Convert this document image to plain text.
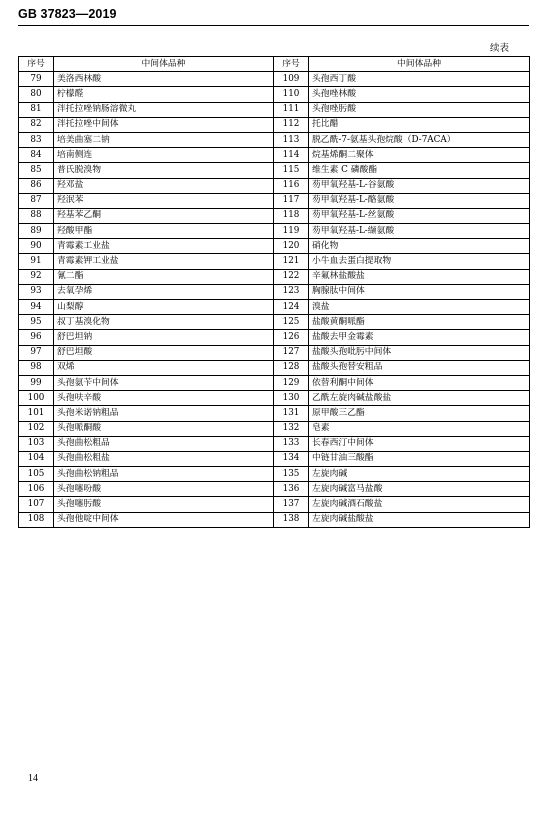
GB 37823—2019
续表
序号	中间体品种	序号	中间体品种
79	美洛西林酸	109	头孢西丁酸
80	柠檬醛	110	头孢唑林酸
81	泮托拉唑钠肠溶微丸	111	头孢唑肟酸
82	泮托拉唑中间体	112	托比醋
83	培美曲塞二钠	113	脱乙酰-7-氨基头孢烷酸（D-7ACA）
84	培南侧连	114	烷基烯酮二聚体
85	普氏脱溴物	115	维生素 C 磷酸酯
86	羟邓盐	116	芴甲氧羟基-L-谷氨酸
87	羟泯苯	117	芴甲氧羟基-L-酪氨酸
88	羟基苯乙酮	118	芴甲氧羟基-L-丝氨酸
89	羟酸甲酯	119	芴甲氧羟基-L-缬氨酸
90	青霉素工业盐	120	硝化物
91	青霉素钾工业盐	121	小牛血去蛋白提取物
92	氰二酯	122	辛氟林盐酸盐
93	去氧孕烯	123	胸腺肽中间体
94	山梨醇	124	溴盐
95	叔丁基溴化物	125	盐酸黄酮哌酯
96	舒巴坦钠	126	盐酸去甲金霉素
97	舒巴坦酸	127	盐酸头孢吡肟中间体
98	双烯	128	盐酸头孢替安粗品
99	头孢氨苄中间体	129	依替利酮中间体
100	头孢呋辛酸	130	乙酰左旋肉碱盐酸盐
101	头孢米诺钠粗品	131	原甲酸三乙酯
102	头孢哌酮酸	132	皂素
103	头孢曲松粗品	133	长春西汀中间体
104	头孢曲松粗盐	134	中链甘油三酸酯
105	头孢曲松钠粗品	135	左旋肉碱
106	头孢噻吩酸	136	左旋肉碱富马盐酸
107	头孢噻肟酸	137	左旋肉碱酒石酸盐
108	头孢他啶中间体	138	左旋肉碱盐酸盐
14
